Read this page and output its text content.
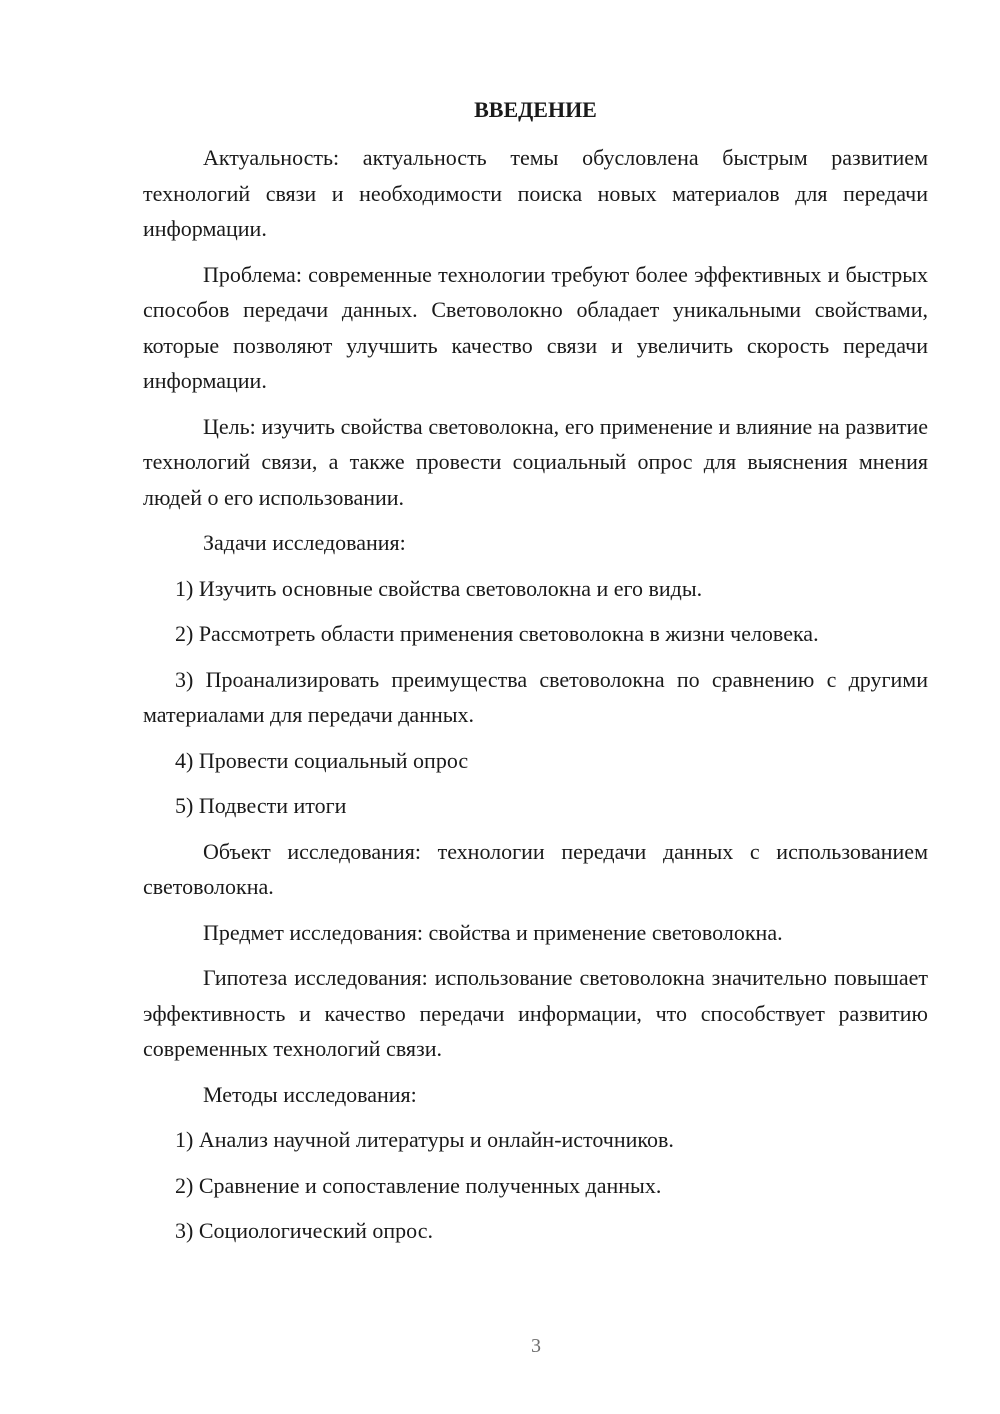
ВВЕДЕНИЕ

Актуальность: актуальность темы обусловлена быстрым развитием технологий связи и необходимости поиска новых материалов для передачи информации.

Проблема: современные технологии требуют более эффективных и быстрых способов передачи данных. Световолокно обладает уникальными свойствами, которые позволяют улучшить качество связи и увеличить скорость передачи информации.

Цель: изучить свойства световолокна, его применение и влияние на развитие технологий связи, а также провести социальный опрос для выяснения мнения людей о его использовании.

Задачи исследования:

1) Изучить основные свойства световолокна и его виды.

2) Рассмотреть области применения световолокна в жизни человека.

3) Проанализировать преимущества световолокна по сравнению с другими материалами для передачи данных.

4) Провести социальный опрос

5) Подвести итоги

Объект исследования: технологии передачи данных с использованием световолокна.

Предмет исследования: свойства и применение световолокна.

Гипотеза исследования: использование световолокна значительно повышает эффективность и качество передачи информации, что способствует развитию современных технологий связи.

Методы исследования:

1) Анализ научной литературы и онлайн-источников.

2) Сравнение и сопоставление полученных данных.

3) Социологический опрос.

3
